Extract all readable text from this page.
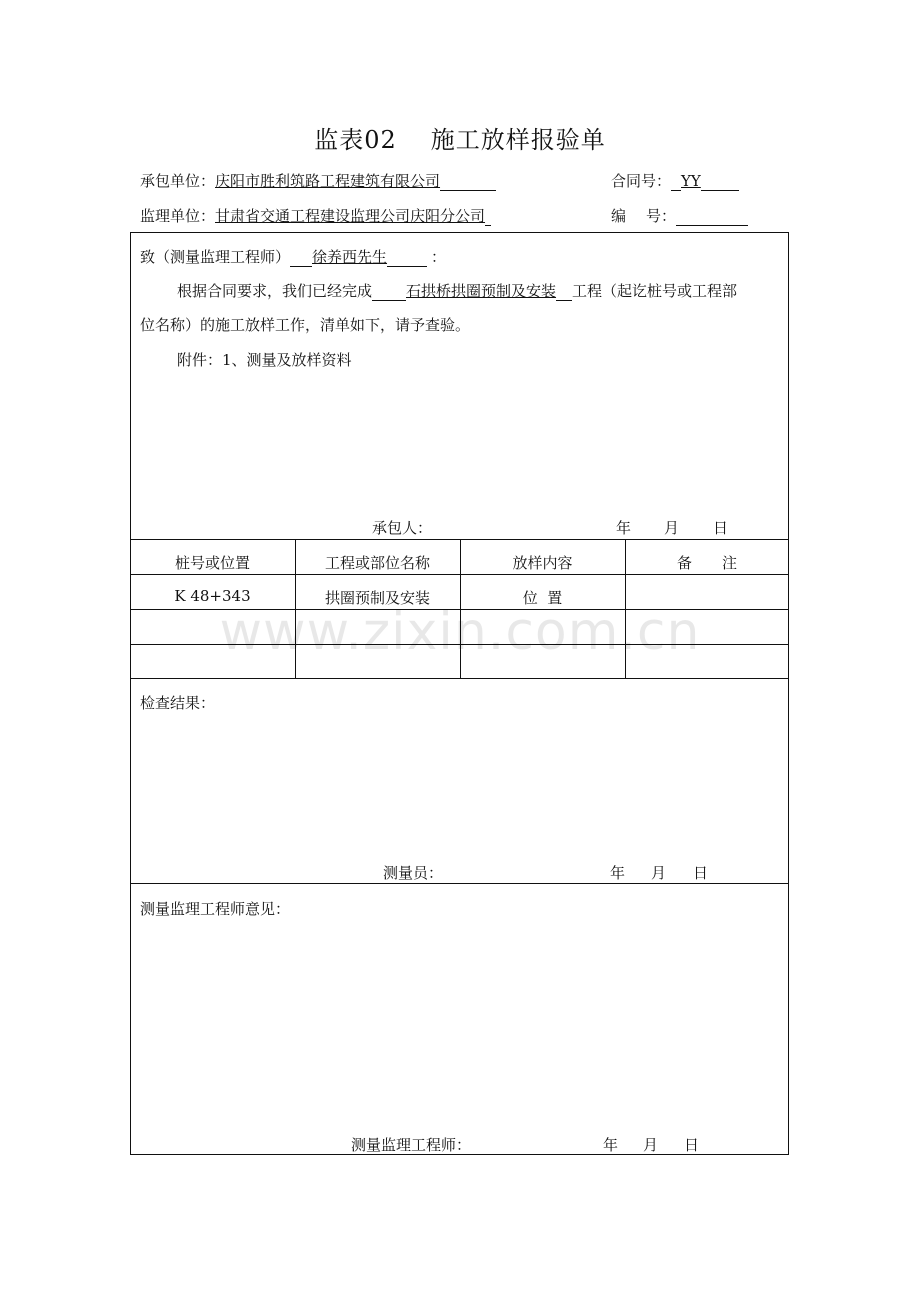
监表02 施工放样报验单
承包单位：庆阳市胜利筑路工程建筑有限公司	合同号： YY
监理单位：甘肃省交通工程建设监理公司庆阳分公司	编 号：
致（测量监理工程师） 徐养西先生	：
根据合同要求，我们已经完成 石拱桥拱圈预制及安装 工程（起讫桩号或工程部
位名称）的施工放样工作，清单如下，请予查验。
附件：1、测量及放样资料
承包人：	年 月 日
桩号或位置	工程或部位名称	放样内容	备　　注
K 48+343	拱圈预制及安装	位  置
www.zixin.com.cn
检查结果：
测量员：	年 月 日
测量监理工程师意见：
测量监理工程师：	年 月 日
